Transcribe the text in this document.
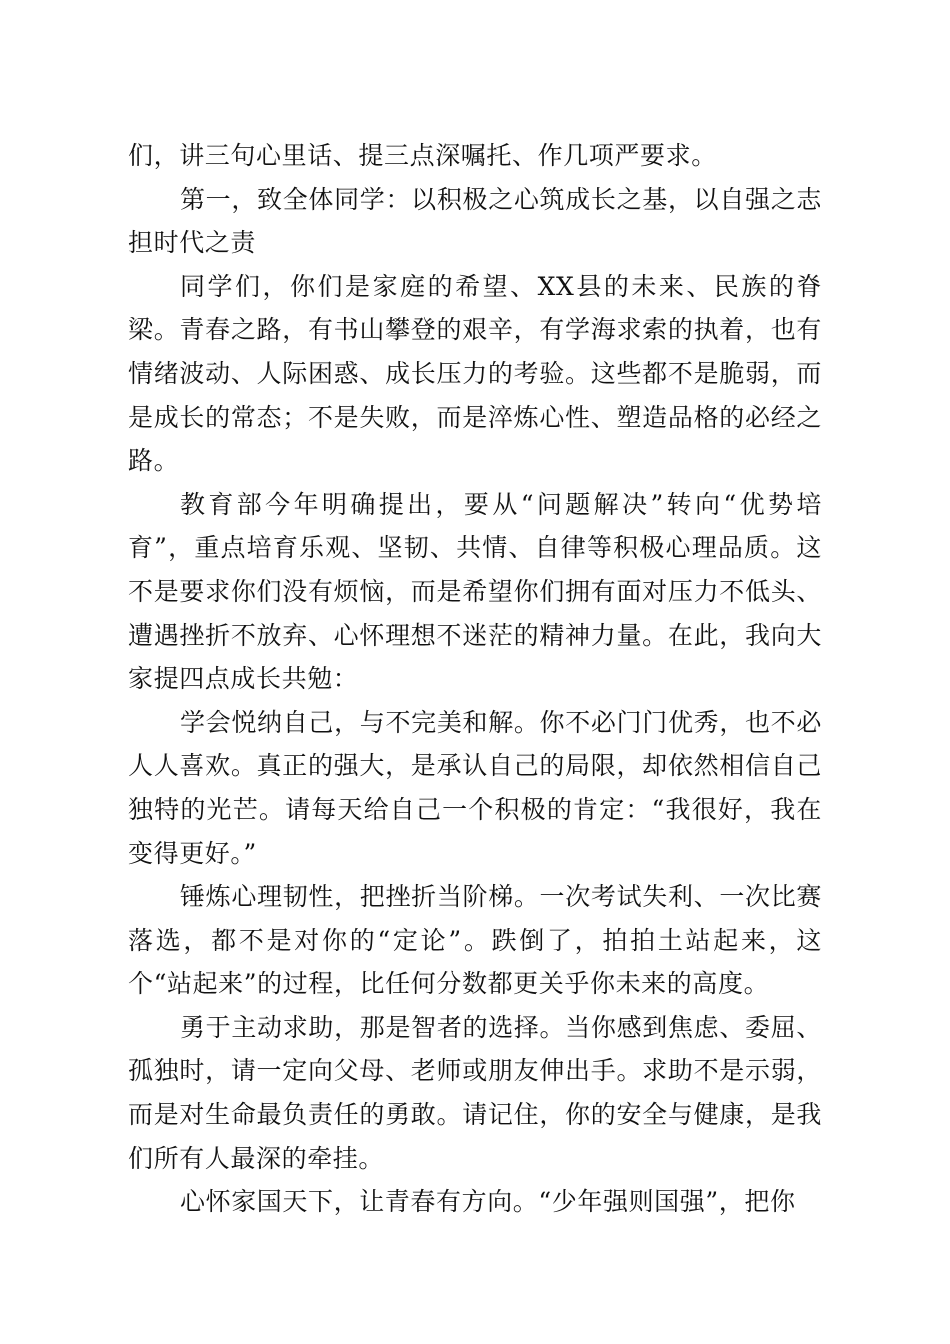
们，讲三句心里话、提三点深嘱托、作几项严要求。

第一，致全体同学：以积极之心筑成长之基，以自强之志担时代之责

同学们，你们是家庭的希望、XX县的未来、民族的脊梁。青春之路，有书山攀登的艰辛，有学海求索的执着，也有情绪波动、人际困惑、成长压力的考验。这些都不是脆弱，而是成长的常态；不是失败，而是淬炼心性、塑造品格的必经之路。

教育部今年明确提出，要从“问题解决”转向“优势培育”，重点培育乐观、坚韧、共情、自律等积极心理品质。这不是要求你们没有烦恼，而是希望你们拥有面对压力不低头、遭遇挫折不放弃、心怀理想不迷茫的精神力量。在此，我向大家提四点成长共勉：

学会悦纳自己，与不完美和解。你不必门门优秀，也不必人人喜欢。真正的强大，是承认自己的局限，却依然相信自己独特的光芒。请每天给自己一个积极的肯定：“我很好，我在变得更好。”

锤炼心理韧性，把挫折当阶梯。一次考试失利、一次比赛落选，都不是对你的“定论”。跌倒了，拍拍土站起来，这个“站起来”的过程，比任何分数都更关乎你未来的高度。

勇于主动求助，那是智者的选择。当你感到焦虑、委屈、孤独时，请一定向父母、老师或朋友伸出手。求助不是示弱，而是对生命最负责任的勇敢。请记住，你的安全与健康，是我们所有人最深的牵挂。

心怀家国天下，让青春有方向。“少年强则国强”，把你
